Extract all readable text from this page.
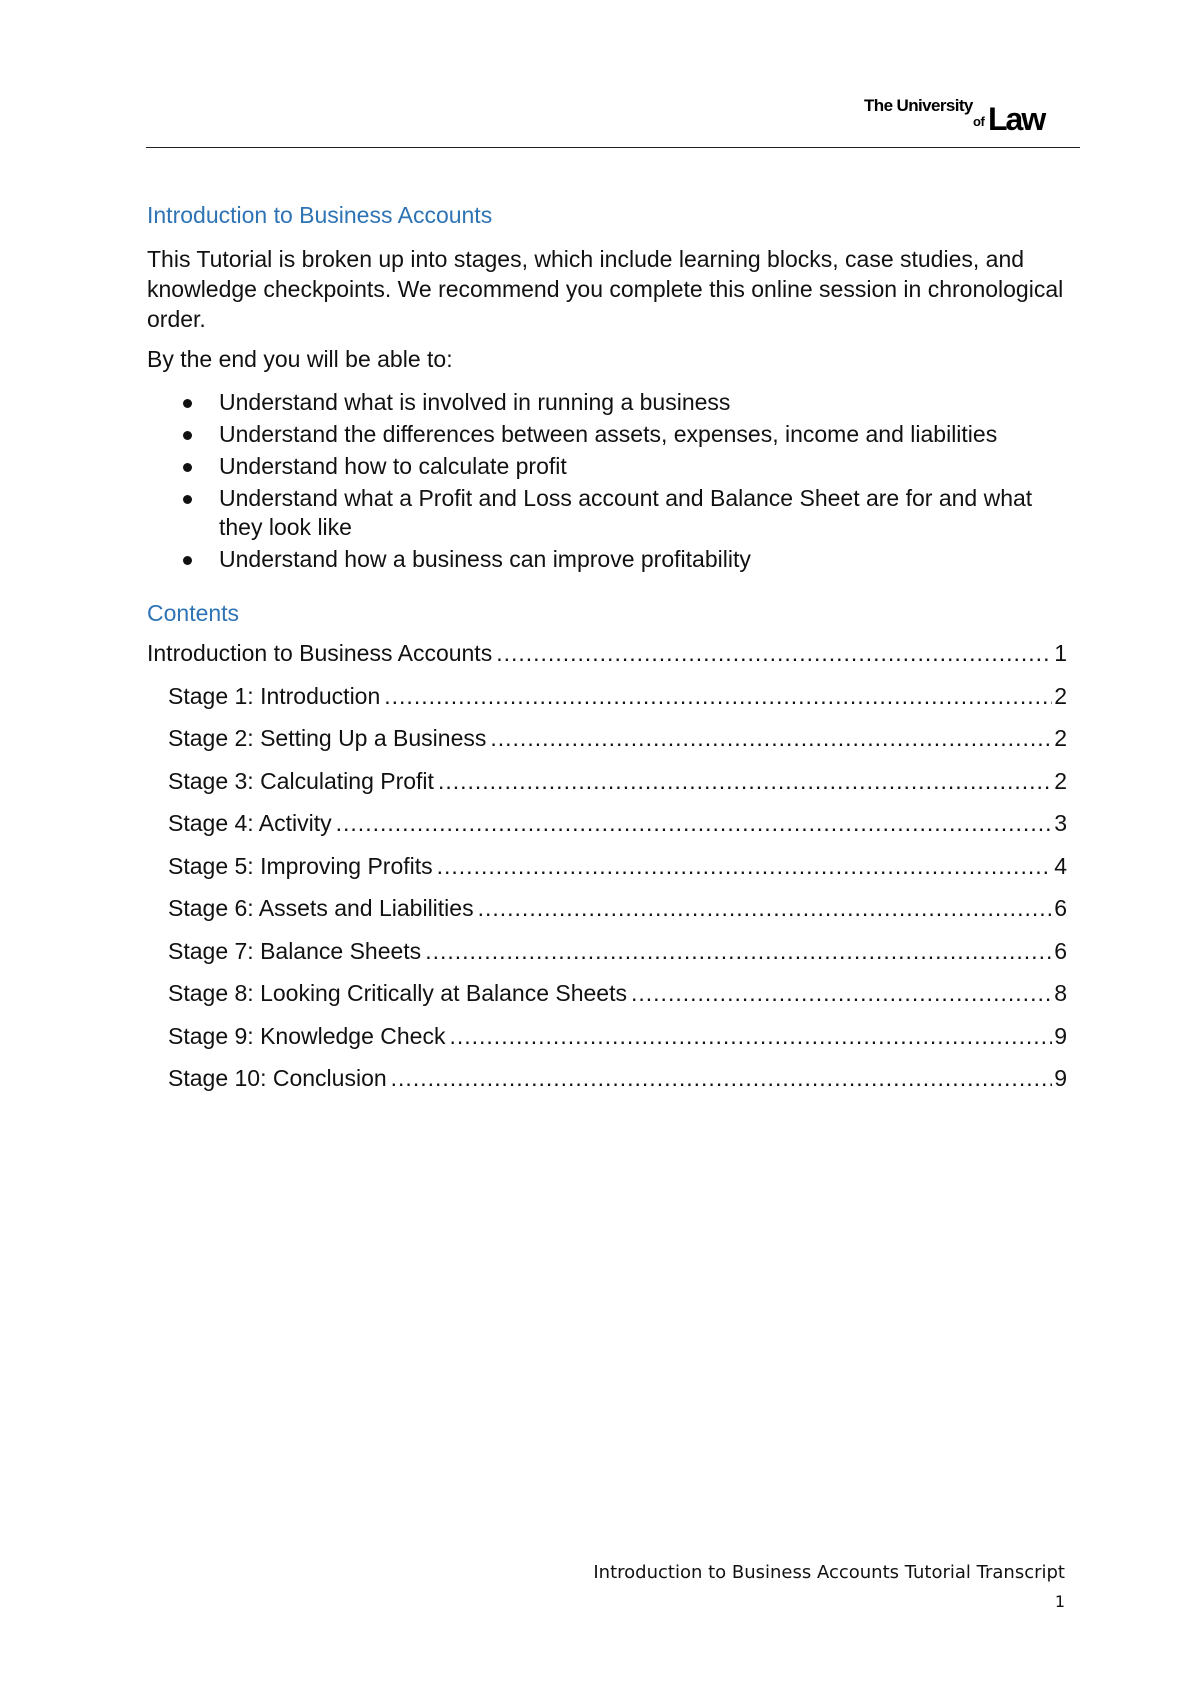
The University
of Law
Introduction to Business Accounts

This Tutorial is broken up into stages, which include learning blocks, case studies, and knowledge checkpoints. We recommend you complete this online session in chronological order.

By the end you will be able to:

Understand what is involved in running a business
Understand the differences between assets, expenses, income and liabilities
Understand how to calculate profit
Understand what a Profit and Loss account and Balance Sheet are for and what they look like
Understand how a business can improve profitability
Contents
Introduction to Business Accounts .....	1
Stage 1: Introduction .....	2
Stage 2: Setting Up a Business .....	2
Stage 3: Calculating Profit .....	2
Stage 4: Activity .....	3
Stage 5: Improving Profits .....	4
Stage 6: Assets and Liabilities .....	6
Stage 7: Balance Sheets .....	6
Stage 8: Looking Critically at Balance Sheets .....	8
Stage 9: Knowledge Check .....	9
Stage 10: Conclusion .....	9
Introduction to Business Accounts Tutorial Transcript
1
